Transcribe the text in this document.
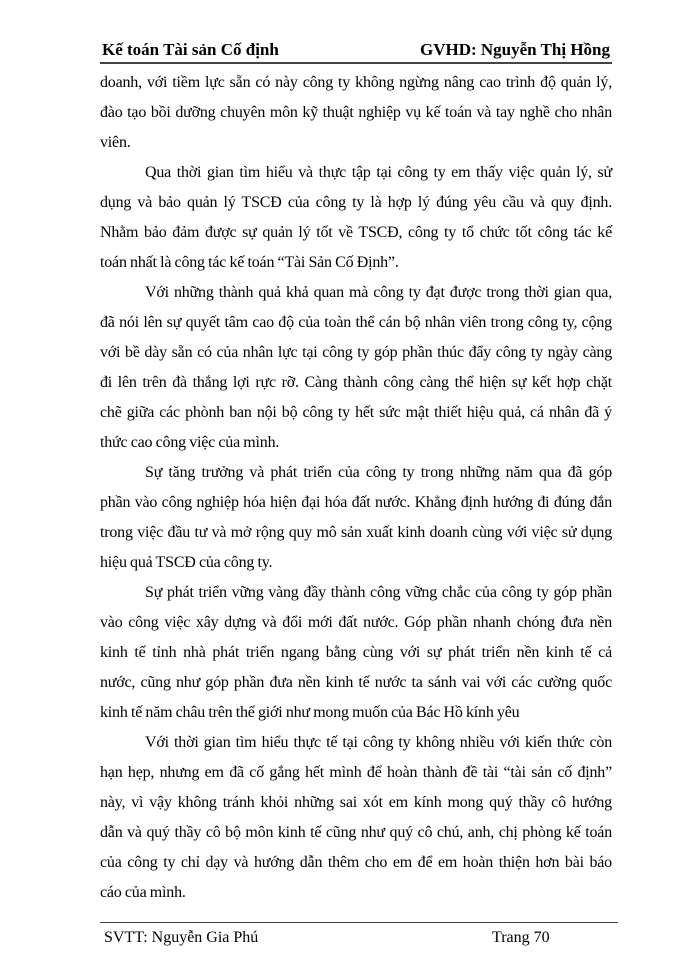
Kế toán Tài sản Cố định	GVHD: Nguyễn Thị Hồng
doanh, với tiềm lực sẵn có này công ty không ngừng nâng cao trình độ quản lý,
đào tạo bồi dưỡng chuyên môn kỹ thuật nghiệp vụ kế toán và tay nghề cho nhân
viên.
Qua thời gian tìm hiểu và thực tập tại công ty em thấy việc quản lý, sử
dụng và bảo quản lý TSCĐ của công ty là hợp lý đúng yêu cầu và quy định.
Nhằm bảo đảm được sự quản lý tốt về TSCĐ, công ty tổ chức tốt công tác kế
toán nhất là công tác kế toán “Tài Sản Cố Định”.
Với những thành quả khả quan mà công ty đạt được trong thời gian qua,
đã nói lên sự quyết tâm cao độ của toàn thể cán bộ nhân viên trong công ty, cộng
với bề dày sẵn có của nhân lực tại công ty góp phần thúc đẩy công ty ngày càng
đi lên trên đà thắng lợi rực rỡ. Càng thành công càng thể hiện sự kết hợp chặt
chẽ giữa các phònh ban nội bộ công ty hết sức mật thiết hiệu quả, cá nhân đã ý
thức cao công việc của mình.
Sự tăng trưởng và phát triển của công ty trong những năm qua đã góp
phần vào công nghiệp hóa hiện đại hóa đất nước. Khẳng định hướng đi đúng đắn
trong việc đầu tư và mở rộng quy mô sản xuất kinh doanh cùng với việc sử dụng
hiệu quả TSCĐ của công ty.
Sự phát triển vững vàng đầy thành công vững chắc của công ty góp phần
vào công việc xây dựng và đổi mới đất nước. Góp phần nhanh chóng đưa nền
kinh tế tỉnh nhà phát triển ngang bằng cùng với sự phát triển nền kinh tế cả
nước, cũng như góp phần đưa nền kinh tế nước ta sánh vai với các cường quốc
kinh tế năm châu trên thế giới như mong muốn của Bác Hồ kính yêu
Với thời gian tìm hiểu thực tế tại công ty không nhiều với kiến thức còn
hạn hẹp, nhưng em đã cố gắng hết mình để hoàn thành đề tài “tài sản cố định”
này, vì vậy không tránh khỏi những sai xót em kính mong quý thầy cô hướng
dẫn và quý thầy cô bộ môn kinh tế cũng như quý cô chú, anh, chị phòng kế toán
của công ty chỉ dạy và hướng dẫn thêm cho em để em hoàn thiện hơn bài báo
cáo của mình.
SVTT: Nguyễn Gia Phú	Trang 70
